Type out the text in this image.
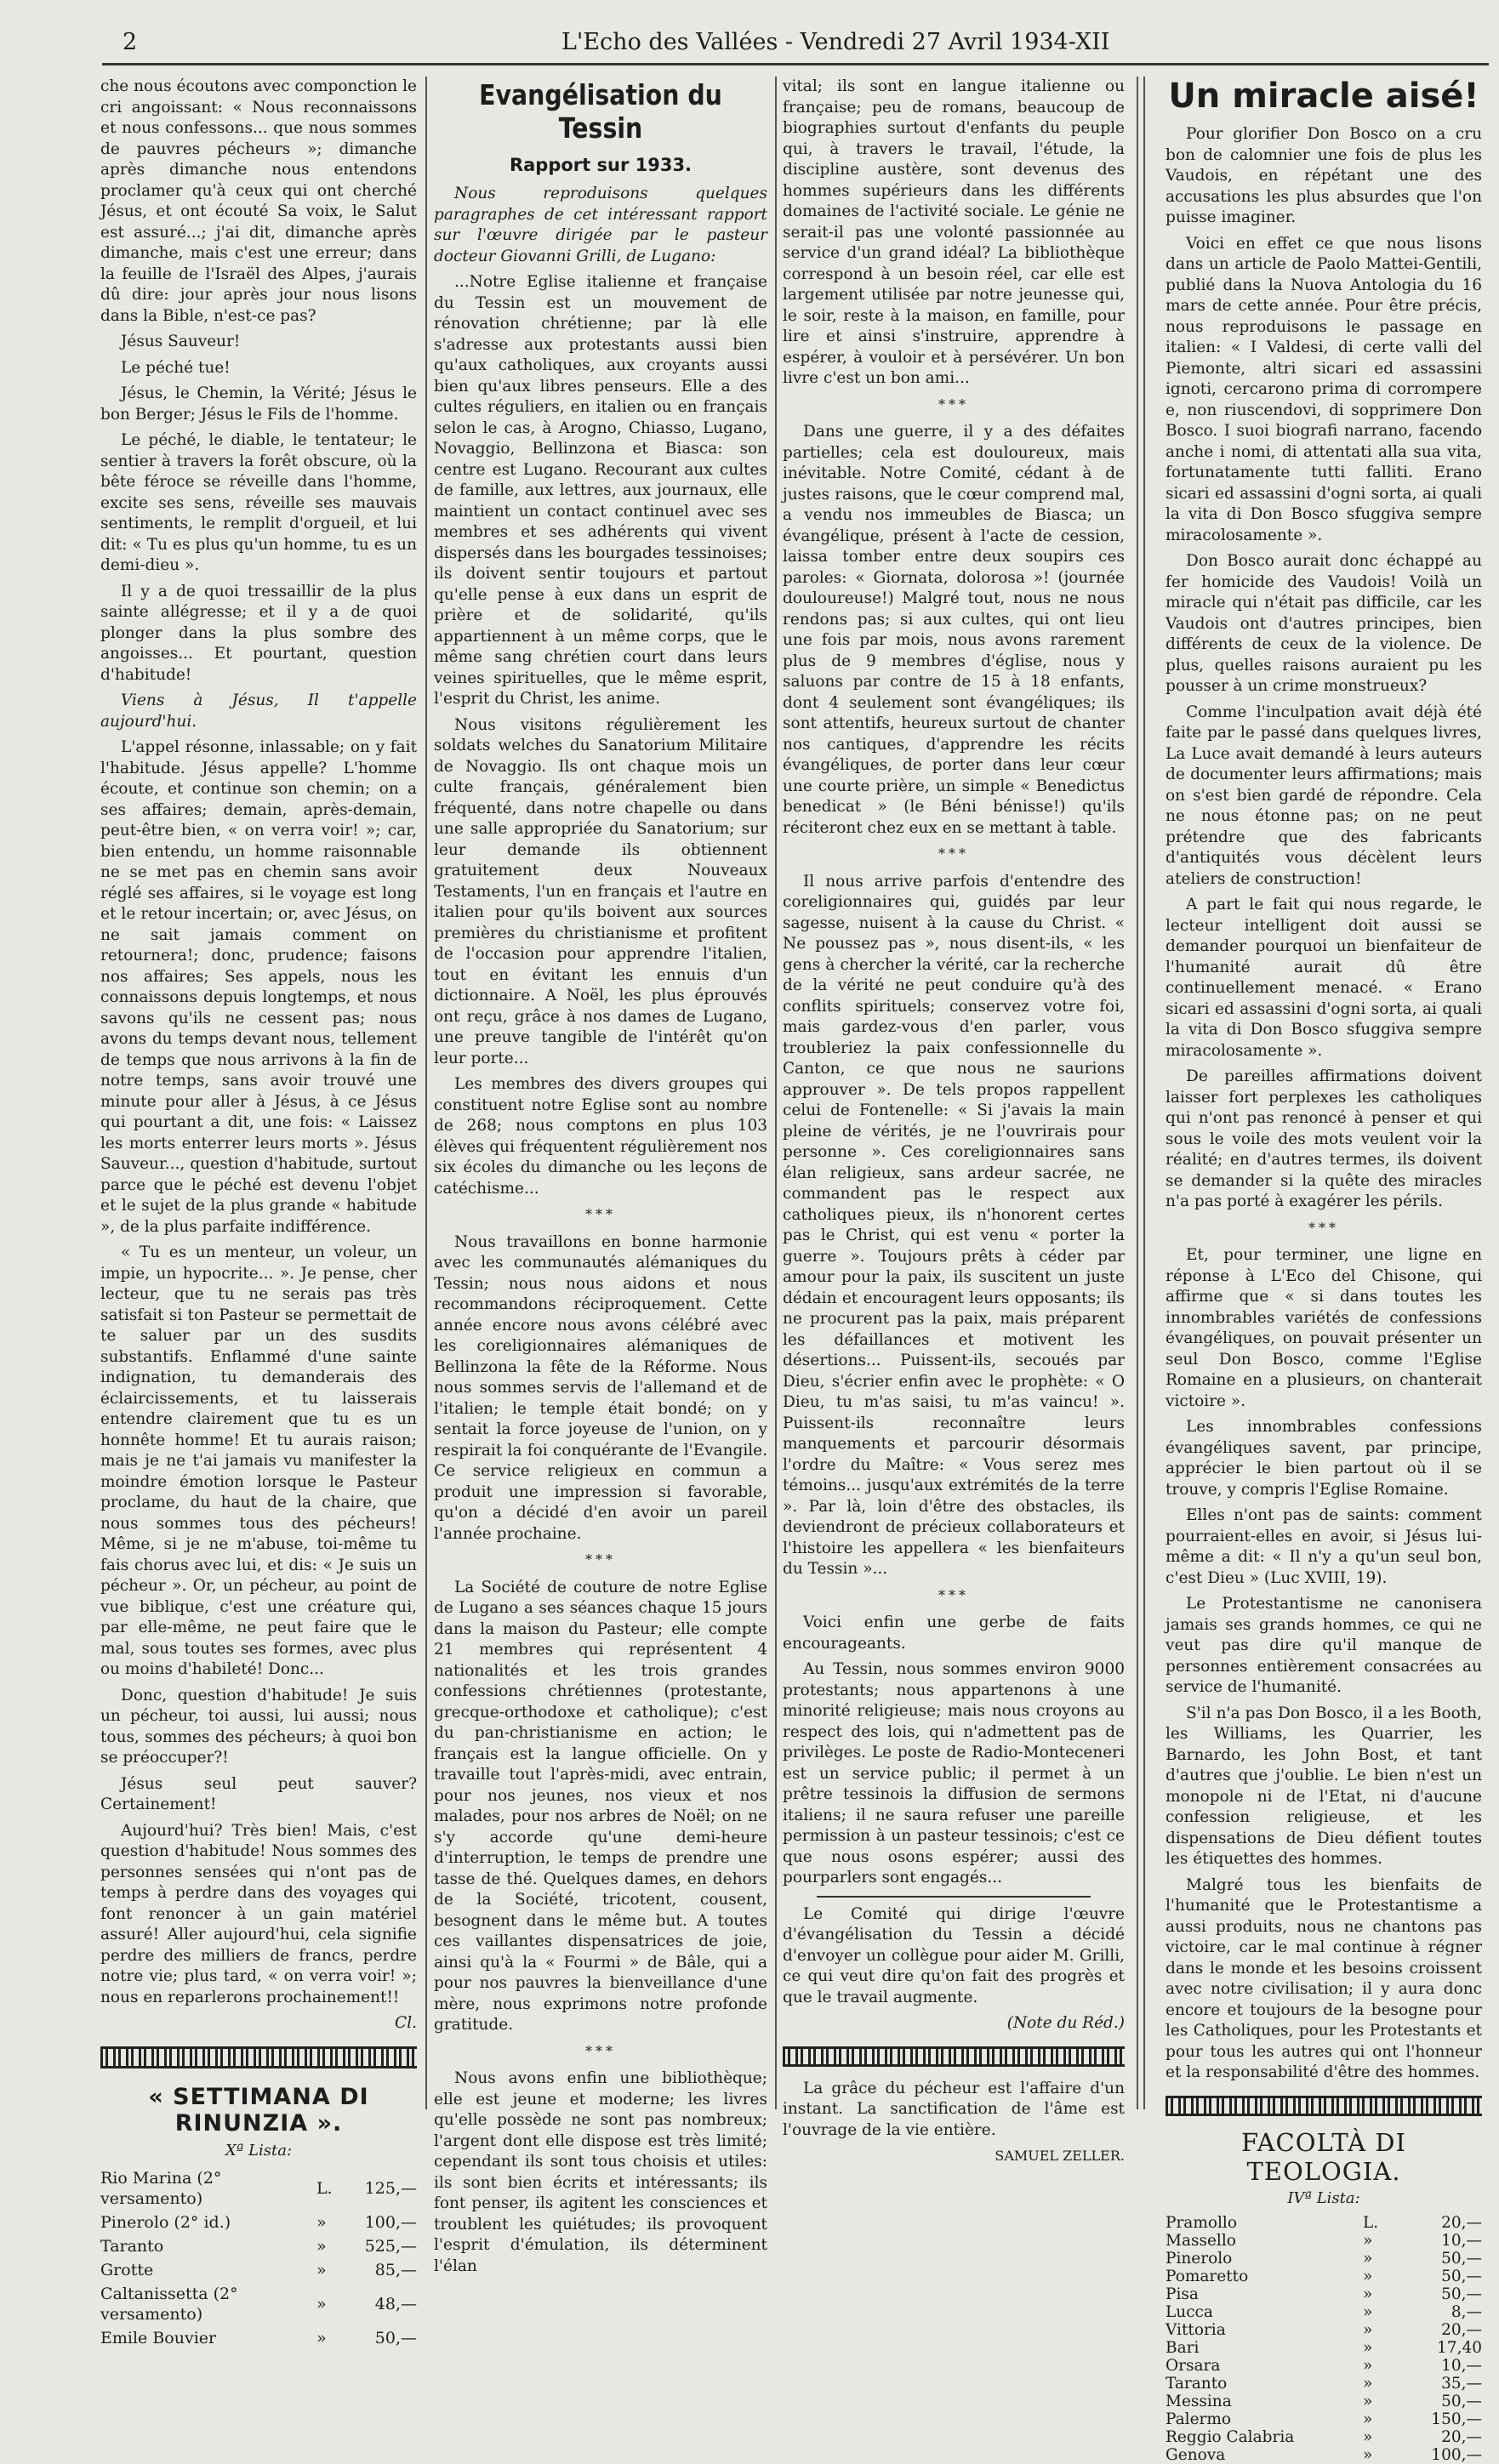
2	L'Echo des Vallées - Vendredi 27 Avril 1934-XII

che nous écoutons avec componction le cri angoissant: « Nous reconnaissons et nous confessons... que nous sommes de pauvres pécheurs »; dimanche après dimanche nous entendons proclamer qu'à ceux qui ont cherché Jésus, et ont écouté Sa voix, le Salut est assuré...; j'ai dit, dimanche après dimanche, mais c'est une erreur; dans la feuille de l'Israël des Alpes, j'aurais dû dire: jour après jour nous lisons dans la Bible, n'est-ce pas?

Jésus Sauveur!

Le péché tue!

Jésus, le Chemin, la Vérité; Jésus le bon Berger; Jésus le Fils de l'homme.

Le péché, le diable, le tentateur; le sentier à travers la forêt obscure, où la bête féroce se réveille dans l'homme, excite ses sens, réveille ses mauvais sentiments, le remplit d'orgueil, et lui dit: « Tu es plus qu'un homme, tu es un demi-dieu ».

Il y a de quoi tressaillir de la plus sainte allégresse; et il y a de quoi plonger dans la plus sombre des angoisses... Et pourtant, question d'habitude!

Viens à Jésus, Il t'appelle aujourd'hui.

L'appel résonne, inlassable; on y fait l'habitude. Jésus appelle? L'homme écoute, et continue son chemin; on a ses affaires; demain, après-demain, peut-être bien, « on verra voir! »; car, bien entendu, un homme raisonnable ne se met pas en chemin sans avoir réglé ses affaires, si le voyage est long et le retour incertain; or, avec Jésus, on ne sait jamais comment on retournera!; donc, prudence; faisons nos affaires; Ses appels, nous les connaissons depuis longtemps, et nous savons qu'ils ne cessent pas; nous avons du temps devant nous, tellement de temps que nous arrivons à la fin de notre temps, sans avoir trouvé une minute pour aller à Jésus, à ce Jésus qui pourtant a dit, une fois: « Laissez les morts enterrer leurs morts ». Jésus Sauveur..., question d'habitude, surtout parce que le péché est devenu l'objet et le sujet de la plus grande « habitude », de la plus parfaite indifférence.

« Tu es un menteur, un voleur, un impie, un hypocrite... ». Je pense, cher lecteur, que tu ne serais pas très satisfait si ton Pasteur se permettait de te saluer par un des susdits substantifs. Enflammé d'une sainte indignation, tu demanderais des éclaircissements, et tu laisserais entendre clairement que tu es un honnête homme! Et tu aurais raison; mais je ne t'ai jamais vu manifester la moindre émotion lorsque le Pasteur proclame, du haut de la chaire, que nous sommes tous des pécheurs! Même, si je ne m'abuse, toi-même tu fais chorus avec lui, et dis: « Je suis un pécheur ». Or, un pécheur, au point de vue biblique, c'est une créature qui, par elle-même, ne peut faire que le mal, sous toutes ses formes, avec plus ou moins d'habileté! Donc...

Donc, question d'habitude! Je suis un pécheur, toi aussi, lui aussi; nous tous, sommes des pécheurs; à quoi bon se préoccuper?!

Jésus seul peut sauver? Certainement!

Aujourd'hui? Très bien! Mais, c'est question d'habitude! Nous sommes des personnes sensées qui n'ont pas de temps à perdre dans des voyages qui font renoncer à un gain matériel assuré! Aller aujourd'hui, cela signifie perdre des milliers de francs, perdre notre vie; plus tard, « on verra voir! »; nous en reparlerons prochainement!!

Cl.

« SETTIMANA DI RINUNZIA ».
Xª Lista:
Rio Marina (2° versamento)	L.	125,—
Pinerolo (2° id.)	»	100,—
Taranto	»	525,—
Grotte	»	85,—
Caltanissetta (2° versamento)	»	48,—
Emile Bouvier	»	50,—
Evangélisation du Tessin
Rapport sur 1933.

Nous reproduisons quelques paragraphes de cet intéressant rapport sur l'œuvre dirigée par le pasteur docteur Giovanni Grilli, de Lugano:

...Notre Eglise italienne et française du Tessin est un mouvement de rénovation chrétienne; par là elle s'adresse aux protestants aussi bien qu'aux catholiques, aux croyants aussi bien qu'aux libres penseurs. Elle a des cultes réguliers, en italien ou en français selon le cas, à Arogno, Chiasso, Lugano, Novaggio, Bellinzona et Biasca: son centre est Lugano. Recourant aux cultes de famille, aux lettres, aux journaux, elle maintient un contact continuel avec ses membres et ses adhérents qui vivent dispersés dans les bourgades tessinoises; ils doivent sentir toujours et partout qu'elle pense à eux dans un esprit de prière et de solidarité, qu'ils appartiennent à un même corps, que le même sang chrétien court dans leurs veines spirituelles, que le même esprit, l'esprit du Christ, les anime.

Nous visitons régulièrement les soldats welches du Sanatorium Militaire de Novaggio. Ils ont chaque mois un culte français, généralement bien fréquenté, dans notre chapelle ou dans une salle appropriée du Sanatorium; sur leur demande ils obtiennent gratuitement deux Nouveaux Testaments, l'un en français et l'autre en italien pour qu'ils boivent aux sources premières du christianisme et profitent de l'occasion pour apprendre l'italien, tout en évitant les ennuis d'un dictionnaire. A Noël, les plus éprouvés ont reçu, grâce à nos dames de Lugano, une preuve tangible de l'intérêt qu'on leur porte...

Les membres des divers groupes qui constituent notre Eglise sont au nombre de 268; nous comptons en plus 103 élèves qui fréquentent régulièrement nos six écoles du dimanche ou les leçons de catéchisme...

***

Nous travaillons en bonne harmonie avec les communautés alémaniques du Tessin; nous nous aidons et nous recommandons réciproquement. Cette année encore nous avons célébré avec les coreligionnaires alémaniques de Bellinzona la fête de la Réforme. Nous nous sommes servis de l'allemand et de l'italien; le temple était bondé; on y sentait la force joyeuse de l'union, on y respirait la foi conquérante de l'Evangile. Ce service religieux en commun a produit une impression si favorable, qu'on a décidé d'en avoir un pareil l'année prochaine.

***

La Société de couture de notre Eglise de Lugano a ses séances chaque 15 jours dans la maison du Pasteur; elle compte 21 membres qui représentent 4 nationalités et les trois grandes confessions chrétiennes (protestante, grecque-orthodoxe et catholique); c'est du pan-christianisme en action; le français est la langue officielle. On y travaille tout l'après-midi, avec entrain, pour nos jeunes, nos vieux et nos malades, pour nos arbres de Noël; on ne s'y accorde qu'une demi-heure d'interruption, le temps de prendre une tasse de thé. Quelques dames, en dehors de la Société, tricotent, cousent, besognent dans le même but. A toutes ces vaillantes dispensatrices de joie, ainsi qu'à la « Fourmi » de Bâle, qui a pour nos pauvres la bienveillance d'une mère, nous exprimons notre profonde gratitude.

***

Nous avons enfin une bibliothèque; elle est jeune et moderne; les livres qu'elle possède ne sont pas nombreux; l'argent dont elle dispose est très limité; cependant ils sont tous choisis et utiles: ils sont bien écrits et intéressants; ils font penser, ils agitent les consciences et troublent les quiétudes; ils provoquent l'esprit d'émulation, ils déterminent l'élan

vital; ils sont en langue italienne ou française; peu de romans, beaucoup de biographies surtout d'enfants du peuple qui, à travers le travail, l'étude, la discipline austère, sont devenus des hommes supérieurs dans les différents domaines de l'activité sociale. Le génie ne serait-il pas une volonté passionnée au service d'un grand idéal? La bibliothèque correspond à un besoin réel, car elle est largement utilisée par notre jeunesse qui, le soir, reste à la maison, en famille, pour lire et ainsi s'instruire, apprendre à espérer, à vouloir et à persévérer. Un bon livre c'est un bon ami...

***

Dans une guerre, il y a des défaites partielles; cela est douloureux, mais inévitable. Notre Comité, cédant à de justes raisons, que le cœur comprend mal, a vendu nos immeubles de Biasca; un évangélique, présent à l'acte de cession, laissa tomber entre deux soupirs ces paroles: « Giornata, dolorosa »! (journée douloureuse!) Malgré tout, nous ne nous rendons pas; si aux cultes, qui ont lieu une fois par mois, nous avons rarement plus de 9 membres d'église, nous y saluons par contre de 15 à 18 enfants, dont 4 seulement sont évangéliques; ils sont attentifs, heureux surtout de chanter nos cantiques, d'apprendre les récits évangéliques, de porter dans leur cœur une courte prière, un simple « Benedictus benedicat » (le Béni bénisse!) qu'ils réciteront chez eux en se mettant à table.

***

Il nous arrive parfois d'entendre des coreligionnaires qui, guidés par leur sagesse, nuisent à la cause du Christ. « Ne poussez pas », nous disent-ils, « les gens à chercher la vérité, car la recherche de la vérité ne peut conduire qu'à des conflits spirituels; conservez votre foi, mais gardez-vous d'en parler, vous troubleriez la paix confessionnelle du Canton, ce que nous ne saurions approuver ». De tels propos rappellent celui de Fontenelle: « Si j'avais la main pleine de vérités, je ne l'ouvrirais pour personne ». Ces coreligionnaires sans élan religieux, sans ardeur sacrée, ne commandent pas le respect aux catholiques pieux, ils n'honorent certes pas le Christ, qui est venu « porter la guerre ». Toujours prêts à céder par amour pour la paix, ils suscitent un juste dédain et encouragent leurs opposants; ils ne procurent pas la paix, mais préparent les défaillances et motivent les désertions... Puissent-ils, secoués par Dieu, s'écrier enfin avec le prophète: « O Dieu, tu m'as saisi, tu m'as vaincu! ». Puissent-ils reconnaître leurs manquements et parcourir désormais l'ordre du Maître: « Vous serez mes témoins... jusqu'aux extrémités de la terre ». Par là, loin d'être des obstacles, ils deviendront de précieux collaborateurs et l'histoire les appellera « les bienfaiteurs du Tessin »...

***

Voici enfin une gerbe de faits encourageants.

Au Tessin, nous sommes environ 9000 protestants; nous appartenons à une minorité religieuse; mais nous croyons au respect des lois, qui n'admettent pas de privilèges. Le poste de Radio-Monteceneri est un service public; il permet à un prêtre tessinois la diffusion de sermons italiens; il ne saura refuser une pareille permission à un pasteur tessinois; c'est ce que nous osons espérer; aussi des pourparlers sont engagés...

Le Comité qui dirige l'œuvre d'évangélisation du Tessin a décidé d'envoyer un collègue pour aider M. Grilli, ce qui veut dire qu'on fait des progrès et que le travail augmente.

(Note du Réd.)

La grâce du pécheur est l'affaire d'un instant. La sanctification de l'âme est l'ouvrage de la vie entière.

SAMUEL ZELLER.

Un miracle aisé!

Pour glorifier Don Bosco on a cru bon de calomnier une fois de plus les Vaudois, en répétant une des accusations les plus absurdes que l'on puisse imaginer.

Voici en effet ce que nous lisons dans un article de Paolo Mattei-Gentili, publié dans la Nuova Antologia du 16 mars de cette année. Pour être précis, nous reproduisons le passage en italien: « I Valdesi, di certe valli del Piemonte, altri sicari ed assassini ignoti, cercarono prima di corrompere e, non riuscendovi, di sopprimere Don Bosco. I suoi biografi narrano, facendo anche i nomi, di attentati alla sua vita, fortunatamente tutti falliti. Erano sicari ed assassini d'ogni sorta, ai quali la vita di Don Bosco sfuggiva sempre miracolosamente ».

Don Bosco aurait donc échappé au fer homicide des Vaudois! Voilà un miracle qui n'était pas difficile, car les Vaudois ont d'autres principes, bien différents de ceux de la violence. De plus, quelles raisons auraient pu les pousser à un crime monstrueux?

Comme l'inculpation avait déjà été faite par le passé dans quelques livres, La Luce avait demandé à leurs auteurs de documenter leurs affirmations; mais on s'est bien gardé de répondre. Cela ne nous étonne pas; on ne peut prétendre que des fabricants d'antiquités vous décèlent leurs ateliers de construction!

A part le fait qui nous regarde, le lecteur intelligent doit aussi se demander pourquoi un bienfaiteur de l'humanité aurait dû être continuellement menacé. « Erano sicari ed assassini d'ogni sorta, ai quali la vita di Don Bosco sfuggiva sempre miracolosamente ».

De pareilles affirmations doivent laisser fort perplexes les catholiques qui n'ont pas renoncé à penser et qui sous le voile des mots veulent voir la réalité; en d'autres termes, ils doivent se demander si la quête des miracles n'a pas porté à exagérer les périls.

***

Et, pour terminer, une ligne en réponse à L'Eco del Chisone, qui affirme que « si dans toutes les innombrables variétés de confessions évangéliques, on pouvait présenter un seul Don Bosco, comme l'Eglise Romaine en a plusieurs, on chanterait victoire ».

Les innombrables confessions évangéliques savent, par principe, apprécier le bien partout où il se trouve, y compris l'Eglise Romaine.

Elles n'ont pas de saints: comment pourraient-elles en avoir, si Jésus lui-même a dit: « Il n'y a qu'un seul bon, c'est Dieu » (Luc XVIII, 19).

Le Protestantisme ne canonisera jamais ses grands hommes, ce qui ne veut pas dire qu'il manque de personnes entièrement consacrées au service de l'humanité.

S'il n'a pas Don Bosco, il a les Booth, les Williams, les Quarrier, les Barnardo, les John Bost, et tant d'autres que j'oublie. Le bien n'est un monopole ni de l'Etat, ni d'aucune confession religieuse, et les dispensations de Dieu défient toutes les étiquettes des hommes.

Malgré tous les bienfaits de l'humanité que le Protestantisme a aussi produits, nous ne chantons pas victoire, car le mal continue à régner dans le monde et les besoins croissent avec notre civilisation; il y aura donc encore et toujours de la besogne pour les Catholiques, pour les Protestants et pour tous les autres qui ont l'honneur et la responsabilité d'être des hommes.

FACOLTÀ DI TEOLOGIA.
IVª Lista:
Pramollo	L.	20,—
Massello	»	10,—
Pinerolo	»	50,—
Pomaretto	»	50,—
Pisa	»	50,—
Lucca	»	8,—
Vittoria	»	20,—
Bari	»	17,40
Orsara	»	10,—
Taranto	»	35,—
Messina	»	50,—
Palermo	»	150,—
Reggio Calabria	»	20,—
Genova	»	100,—
